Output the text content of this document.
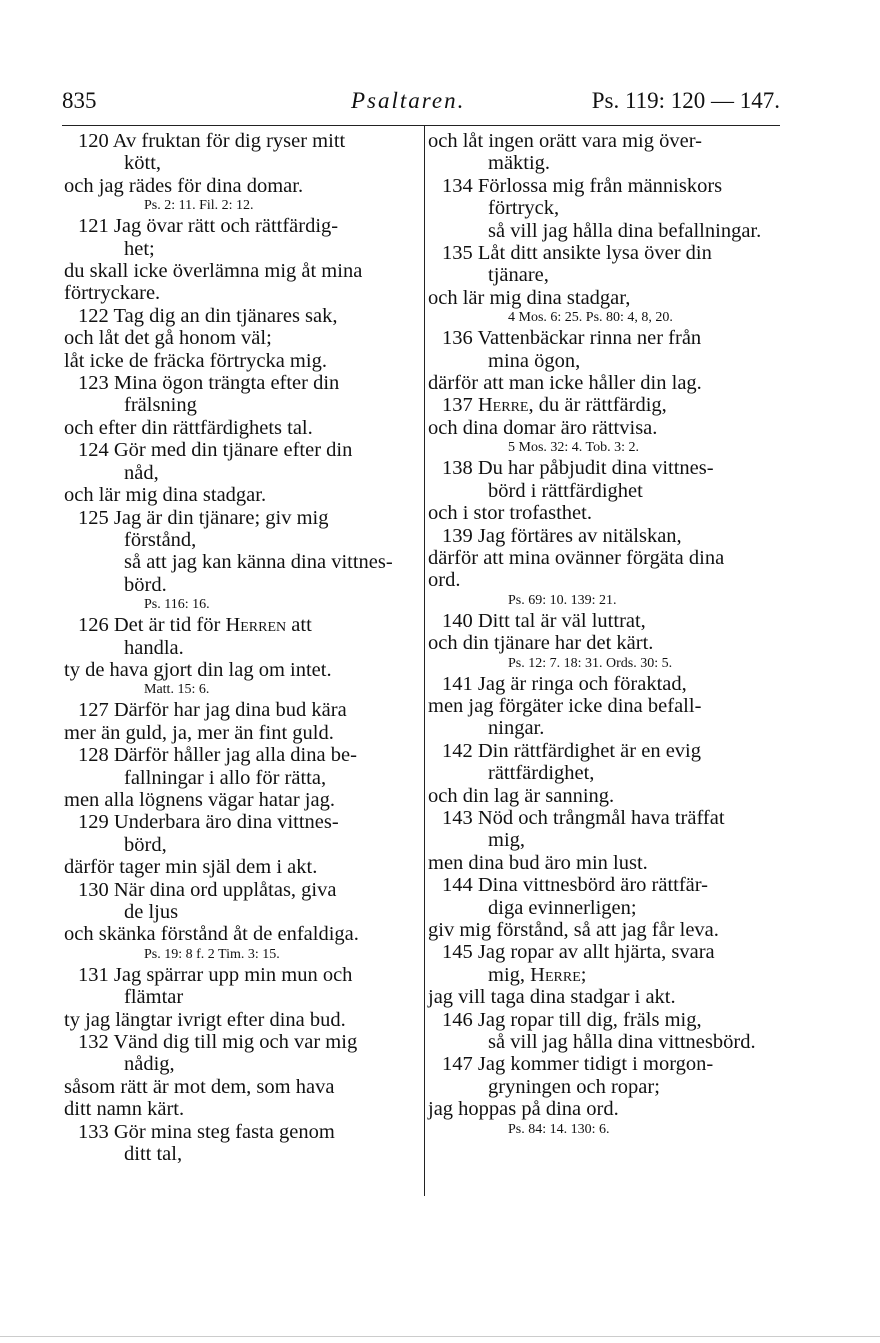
835	Psaltaren.	Ps. 119: 120 — 147.
120 Av fruktan för dig ryser mitt
kött,
och jag rädes för dina domar.
Ps. 2: 11. Fil. 2: 12.
121 Jag övar rätt och rättfärdig-
het;
du skall icke överlämna mig åt mina
förtryckare.
122 Tag dig an din tjänares sak,
och låt det gå honom väl;
låt icke de fräcka förtrycka mig.
123 Mina ögon trängta efter din
frälsning
och efter din rättfärdighets tal.
124 Gör med din tjänare efter din
nåd,
och lär mig dina stadgar.
125 Jag är din tjänare; giv mig
förstånd,
så att jag kan känna dina vittnes-
börd.
Ps. 116: 16.
126 Det är tid för Herren att
handla.
ty de hava gjort din lag om intet.
Matt. 15: 6.
127 Därför har jag dina bud kära
mer än guld, ja, mer än fint guld.
128 Därför håller jag alla dina be-
fallningar i allo för rätta,
men alla lögnens vägar hatar jag.
129 Underbara äro dina vittnes-
börd,
därför tager min själ dem i akt.
130 När dina ord upplåtas, giva
de ljus
och skänka förstånd åt de enfaldiga.
Ps. 19: 8 f. 2 Tim. 3: 15.
131 Jag spärrar upp min mun och
flämtar
ty jag längtar ivrigt efter dina bud.
132 Vänd dig till mig och var mig
nådig,
såsom rätt är mot dem, som hava
ditt namn kärt.
133 Gör mina steg fasta genom
ditt tal,
och låt ingen orätt vara mig över-
mäktig.
134 Förlossa mig från människors
förtryck,
så vill jag hålla dina befallningar.
135 Låt ditt ansikte lysa över din
tjänare,
och lär mig dina stadgar,
4 Mos. 6: 25. Ps. 80: 4, 8, 20.
136 Vattenbäckar rinna ner från
mina ögon,
därför att man icke håller din lag.
137 Herre, du är rättfärdig,
och dina domar äro rättvisa.
5 Mos. 32: 4. Tob. 3: 2.
138 Du har påbjudit dina vittnes-
börd i rättfärdighet
och i stor trofasthet.
139 Jag förtäres av nitälskan,
därför att mina ovänner förgäta dina
ord.
Ps. 69: 10. 139: 21.
140 Ditt tal är väl luttrat,
och din tjänare har det kärt.
Ps. 12: 7. 18: 31. Ords. 30: 5.
141 Jag är ringa och föraktad,
men jag förgäter icke dina befall-
ningar.
142 Din rättfärdighet är en evig
rättfärdighet,
och din lag är sanning.
143 Nöd och trångmål hava träffat
mig,
men dina bud äro min lust.
144 Dina vittnesbörd äro rättfär-
diga evinnerligen;
giv mig förstånd, så att jag får leva.
145 Jag ropar av allt hjärta, svara
mig, Herre;
jag vill taga dina stadgar i akt.
146 Jag ropar till dig, fräls mig,
så vill jag hålla dina vittnesbörd.
147 Jag kommer tidigt i morgon-
gryningen och ropar;
jag hoppas på dina ord.
Ps. 84: 14. 130: 6.
